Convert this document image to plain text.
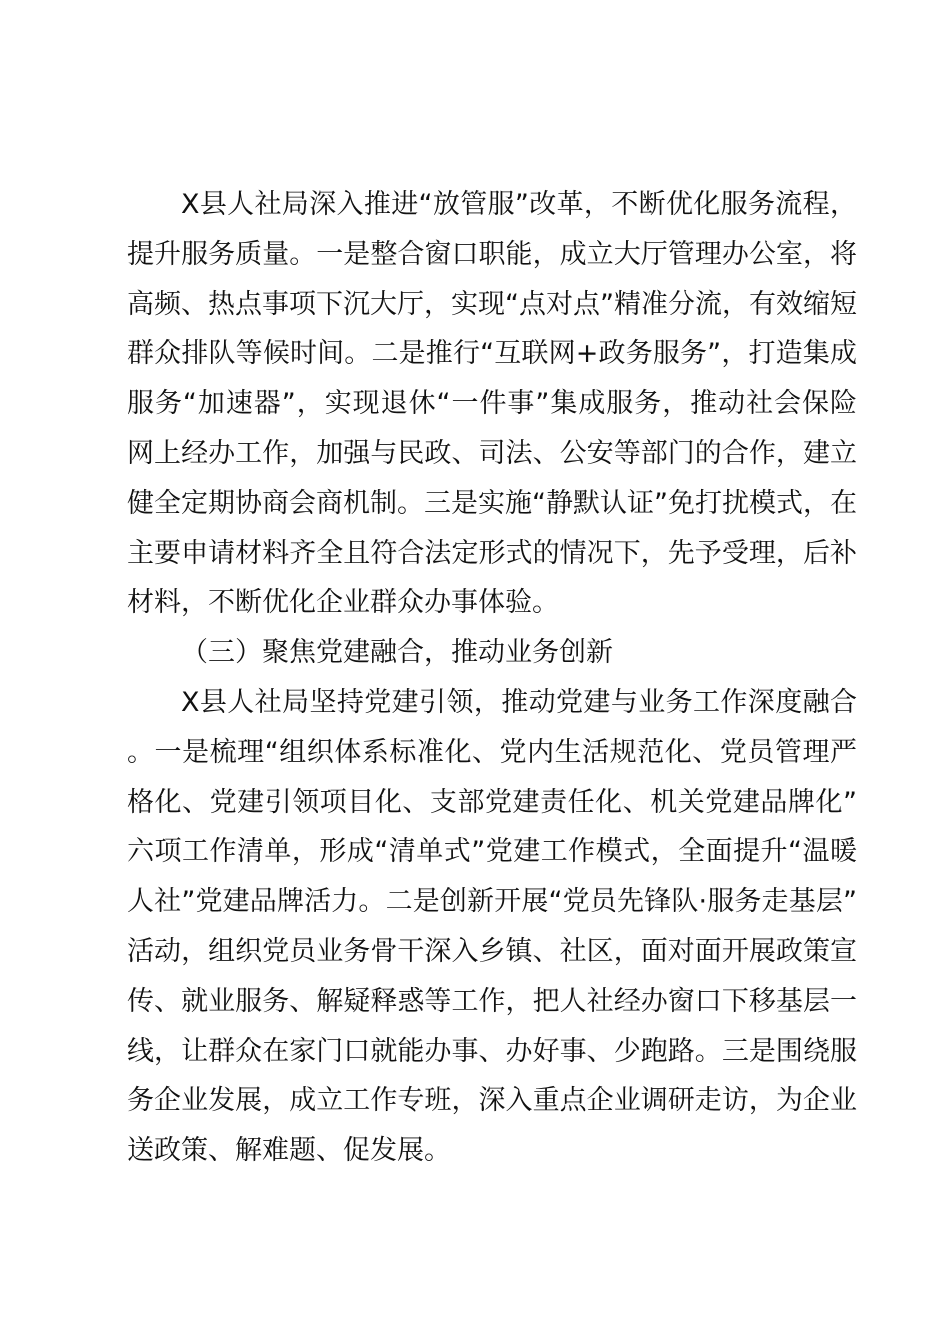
X县人社局深入推进“放管服”改革，不断优化服务流程，提升服务质量。一是整合窗口职能，成立大厅管理办公室，将高频、热点事项下沉大厅，实现“点对点”精准分流，有效缩短群众排队等候时间。二是推行“互联网+政务服务”，打造集成服务“加速器”，实现退休“一件事”集成服务，推动社会保险网上经办工作，加强与民政、司法、公安等部门的合作，建立健全定期协商会商机制。三是实施“静默认证”免打扰模式，在主要申请材料齐全且符合法定形式的情况下，先予受理，后补材料，不断优化企业群众办事体验。

（三）聚焦党建融合，推动业务创新

X县人社局坚持党建引领，推动党建与业务工作深度融合。一是梳理“组织体系标准化、党内生活规范化、党员管理严格化、党建引领项目化、支部党建责任化、机关党建品牌化”六项工作清单，形成“清单式”党建工作模式，全面提升“温暖人社”党建品牌活力。二是创新开展“党员先锋队·服务走基层”活动，组织党员业务骨干深入乡镇、社区，面对面开展政策宣传、就业服务、解疑释惑等工作，把人社经办窗口下移基层一线，让群众在家门口就能办事、办好事、少跑路。三是围绕服务企业发展，成立工作专班，深入重点企业调研走访，为企业送政策、解难题、促发展。
